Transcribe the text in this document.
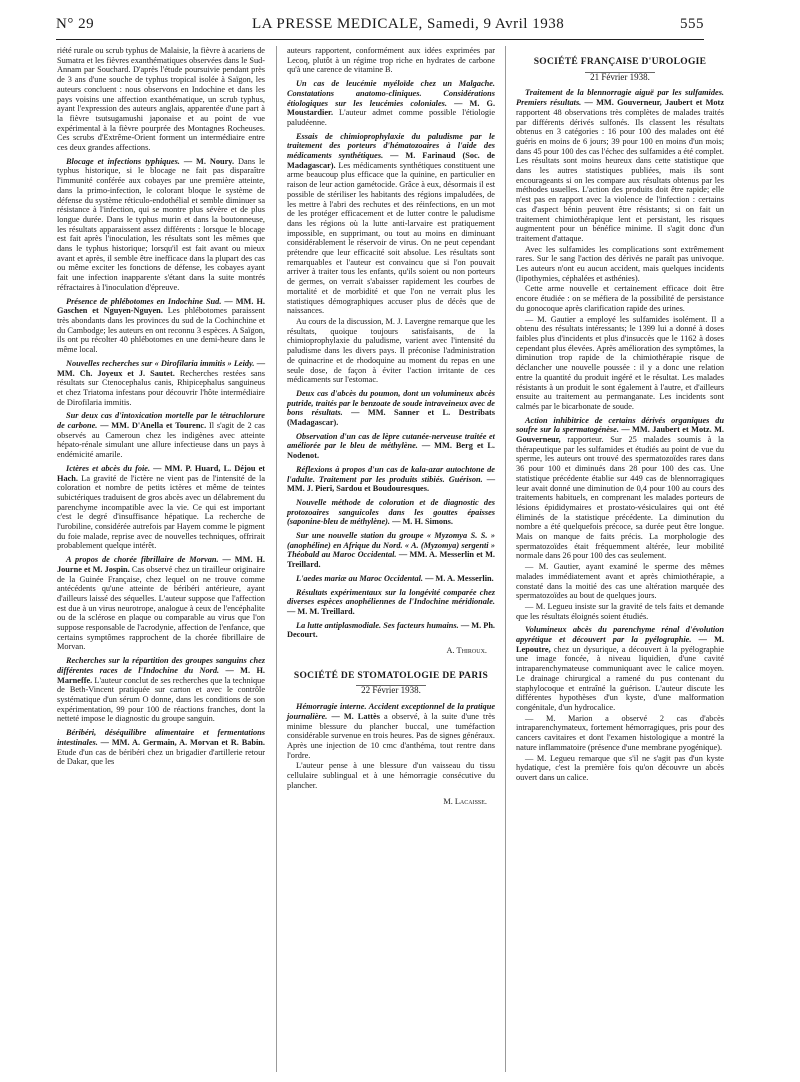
N° 29	LA PRESSE MEDICALE, Samedi, 9 Avril 1938	555

riété rurale ou scrub typhus de Malaisie, la fièvre à acariens de Sumatra et les fièvres exanthématiques observées dans le Sud-Annam par Souchard. D'après l'étude poursuivie pendant près de 3 ans d'une souche de typhus tropical isolée à Saïgon, les auteurs concluent : nous observons en Indochine et dans les pays voisins une affection exanthématique, un scrub typhus, ayant l'expression des auteurs anglais, apparentée d'une part à la fièvre tsutsugamushi japonaise et au point de vue expérimental à la fièvre pourprée des Montagnes Rocheuses. Ces scrubs d'Extrême-Orient forment un intermédiaire entre ces deux grandes affections.

Blocage et infections typhiques. — M. Noury. Dans le typhus historique, si le blocage ne fait pas disparaître l'immunité conférée aux cobayes par une première atteinte, dans la primo-infection, le colorant bloque le système de défense du système réticulo-endothélial et semble diminuer sa résistance à l'infection, qui se montre plus sévère et de plus longue durée. Dans le typhus murin et dans la boutonneuse, les résultats apparaissent assez différents : lorsque le blocage est fait après l'inoculation, les résultats sont les mêmes que dans le typhus historique; lorsqu'il est fait avant ou mieux avant et après, il semble être inefficace dans la plupart des cas ou même exciter les fonctions de défense, les cobayes ayant fait une infection inapparente s'étant dans la suite montrés réfractaires à l'inoculation d'épreuve.

Présence de phlébotomes en Indochine Sud. — MM. H. Gaschen et Nguyen-Nguyen. Les phlébotomes paraissent très abondants dans les provinces du sud de la Cochinchine et du Cambodge; les auteurs en ont reconnu 3 espèces. A Saïgon, ils ont pu récolter 40 phlébotomes en une demi-heure dans le même local.

Nouvelles recherches sur « Dirofilaria immitis » Leidy. — MM. Ch. Joyeux et J. Sautet. Recherches restées sans résultats sur Ctenocephalus canis, Rhipicephalus sanguineus et chez Triatoma infestans pour découvrir l'hôte intermédiaire de Dirofilaria immitis.

Sur deux cas d'intoxication mortelle par le tétrachlorure de carbone. — MM. D'Anella et Tourenc. Il s'agit de 2 cas observés au Cameroun chez les indigènes avec atteinte hépato-rénale simulant une allure infectieuse dans un pays à endémicité amarile.

Ictères et abcès du foie. — MM. P. Huard, L. Déjou et Hach. La gravité de l'ictère ne vient pas de l'intensité de la coloration et nombre de petits ictères et même de teintes subictériques traduisent de gros abcès avec un délabrement du parenchyme incompatible avec la vie. Ce qui est important c'est le degré d'insuffisance hépatique. La recherche de l'urobiline, considérée autrefois par Hayem comme le pigment du foie malade, reprise avec de nouvelles techniques, offrirait probablement quelque intérêt.

A propos de chorée fibrillaire de Morvan. — MM. H. Journe et M. Jospin. Cas observé chez un tirailleur originaire de la Guinée Française, chez lequel on ne trouve comme antécédents qu'une atteinte de béribéri antérieure, ayant d'ailleurs laissé des séquelles. L'auteur suppose que l'affection est due à un virus neurotrope, analogue à ceux de l'encéphalite ou de la sclérose en plaque ou comparable au virus que l'on suppose responsable de l'acrodynie, affection de l'enfance, que certains symptômes rapprochent de la chorée fibrillaire de Morvan.

Recherches sur la répartition des groupes sanguins chez différentes races de l'Indochine du Nord. — M. H. Marneffe. L'auteur conclut de ses recherches que la technique de Beth-Vincent pratiquée sur carton et avec le contrôle systématique d'un sérum O donne, dans les conditions de son expérimentation, 99 pour 100 de réactions franches, dont la netteté impose le diagnostic du groupe sanguin.

Béribéri, déséquilibre alimentaire et fermentations intestinales. — MM. A. Germain, A. Morvan et R. Babin. Etude d'un cas de béribéri chez un brigadier d'artillerie retour de Dakar, que les

auteurs rapportent, conformément aux idées exprimées par Lecoq, plutôt à un régime trop riche en hydrates de carbone qu'à une carence de vitamine B.

Un cas de leucémie myéloïde chez un Malgache. Constatations anatomo-cliniques. Considérations étiologiques sur les leucémies coloniales. — M. G. Moustardier. L'auteur admet comme possible l'étiologie paludéenne.

Essais de chimioprophylaxie du paludisme par le traitement des porteurs d'hématozoaires à l'aide des médicaments synthétiques. — M. Farinaud (Soc. de Madagascar). Les médicaments synthétiques constituent une arme beaucoup plus efficace que la quinine, en particulier en raison de leur action gamétocide. Grâce à eux, désormais il est possible de stériliser les habitants des régions impaludées, de les mettre à l'abri des rechutes et des réinfections, en un mot de les protéger efficacement et de lutter contre le paludisme dans les régions où la lutte anti-larvaire est pratiquement impossible, en supprimant, ou tout au moins en diminuant considérablement le réservoir de virus. On ne peut cependant prétendre que leur efficacité soit absolue. Les résultats sont remarquables et l'auteur est convaincu que si l'on pouvait arriver à traiter tous les enfants, qu'ils soient ou non porteurs de germes, on verrait s'abaisser rapidement les courbes de mortalité et de morbidité et que l'on ne verrait plus les statistiques démographiques accuser plus de décès que de naissances.

Au cours de la discussion, M. J. Lavergne remarque que les résultats, quoique toujours satisfaisants, de la chimioprophylaxie du paludisme, varient avec l'intensité du paludisme dans les divers pays. Il préconise l'administration de quinacrine et de rhodoquine au moment du repas en une seule dose, de façon à éviter l'action irritante de ces médicaments sur l'estomac.

Deux cas d'abcès du poumon, dont un volumineux abcès putride, traités par le benzoate de soude intraveineux avec de bons résultats. — MM. Sanner et L. Destribats (Madagascar).

Observation d'un cas de lèpre cutanée-nerveuse traitée et améliorée par le bleu de méthylène. — MM. Berg et L. Nodenot.

Réflexions à propos d'un cas de kala-azar autochtone de l'adulte. Traitement par les produits stibiés. Guérison. — MM. J. Pieri, Sardou et Boudouresques.

Nouvelle méthode de coloration et de diagnostic des protozoaires sanguicoles dans les gouttes épaisses (saponine-bleu de méthylène). — M. H. Simons.

Sur une nouvelle station du groupe « Myzomya S. S. » (anophéline) en Afrique du Nord. « A. (Myzomya) sergenti » Théobald au Maroc Occidental. — MM. A. Messerlin et M. Treillard.

L'aedes mariæ au Maroc Occidental. — M. A. Messerlin.

Résultats expérimentaux sur la longévité comparée chez diverses espèces anophéliennes de l'Indochine méridionale. — M. M. Treillard.

La lutte antiplasmodiale. Ses facteurs humains. — M. Ph. Decourt.

A. Thiroux.
SOCIÉTÉ DE STOMATOLOGIE DE PARIS
22 Février 1938.

Hémorragie interne. Accident exceptionnel de la pratique journalière. — M. Lattès a observé, à la suite d'une très minime blessure du plancher buccal, une tuméfaction considérable survenue en trois heures. Pas de signes généraux. Après une injection de 10 cmc d'anthéma, tout rentre dans l'ordre.

L'auteur pense à une blessure d'un vaisseau du tissu cellulaire sublingual et à une hémorragie consécutive du plancher.

M. Lacaisse.
SOCIÉTÉ FRANÇAISE D'UROLOGIE
21 Février 1938.

Traitement de la blennorragie aiguë par les sulfamides. Premiers résultats. — MM. Gouverneur, Jaubert et Motz rapportent 48 observations très complètes de malades traités par différents dérivés sulfonés. Ils classent les résultats obtenus en 3 catégories : 16 pour 100 des malades ont été guéris en moins de 6 jours; 39 pour 100 en moins d'un mois; dans 45 pour 100 des cas l'échec des sulfamides a été complet. Les résultats sont moins heureux dans cette statistique que dans les autres statistiques publiées, mais ils sont encourageants si on les compare aux résultats obtenus par les méthodes usuelles. L'action des produits doit être rapide; elle n'est pas en rapport avec la violence de l'infection : certains cas d'aspect bénin peuvent être résistants; si on fait un traitement chimiothérapique lent et persistant, les risques augmentent pour un bénéfice minime. Il s'agit donc d'un traitement d'attaque.

Avec les sulfamides les complications sont extrêmement rares. Sur le sang l'action des dérivés ne paraît pas univoque. Les auteurs n'ont eu aucun accident, mais quelques incidents (lipothymies, céphalées et asthénies).

Cette arme nouvelle et certainement efficace doit être encore étudiée : on se méfiera de la possibilité de persistance du gonocoque après clarification rapide des urines.

— M. Gautier a employé les sulfamides isolément. Il a obtenu des résultats intéressants; le 1399 lui a donné à doses faibles plus d'incidents et plus d'insuccès que le 1162 à doses cependant plus élevées. Après amélioration des symptômes, la diminution trop rapide de la chimiothérapie risque de déclancher une nouvelle poussée : il y a donc une relation entre la quantité du produit ingéré et le résultat. Les malades résistants à un produit le sont également à l'autre, et d'ailleurs ensuite au traitement au permanganate. Les incidents sont calmés par le bicarbonate de soude.

Action inhibitrice de certains dérivés organiques du soufre sur la spermatogénèse. — MM. Jaubert et Motz. M. Gouverneur, rapporteur. Sur 25 malades soumis à la thérapeutique par les sulfamides et étudiés au point de vue du sperme, les auteurs ont trouvé des spermatozoïdes rares dans 36 pour 100 et diminués dans 28 pour 100 des cas. Une statistique précédente établie sur 449 cas de blennorragiques leur avait donné une diminution de 0,4 pour 100 au cours des traitements habituels, en comprenant les malades porteurs de lésions épididymaires et prostato-vésiculaires qui ont été éliminés de la statistique précédente. La diminution du nombre a été quelquefois précoce, sa durée peut être longue. Mais on manque de faits précis. La morphologie des spermatozoïdes était fréquemment altérée, leur mobilité normale dans 26 pour 100 des cas seulement.

— M. Gautier, ayant examiné le sperme des mêmes malades immédiatement avant et après chimiothérapie, a constaté dans la moitié des cas une altération marquée des spermatozoïdes au bout de quelques jours.

— M. Legueu insiste sur la gravité de tels faits et demande que les résultats éloignés soient étudiés.

Volumineux abcès du parenchyme rénal d'évolution apyrétique et découvert par la pyélographie. — M. Lepoutre, chez un dysurique, a découvert à la pyélographie une image foncée, à niveau liquidien, d'une cavité intraparenchymateuse communiquant avec le calice moyen. Le drainage chirurgical a ramené du pus contenant du staphylocoque et entraîné la guérison. L'auteur discute les différentes hypothèses d'un kyste, d'une malformation congénitale, d'un hydrocalice.

— M. Marion a observé 2 cas d'abcès intraparenchymateux, fortement hémorragiques, pris pour des cancers cavitaires et dont l'examen histologique a montré la nature inflammatoire (présence d'une membrane pyogénique).

— M. Legueu remarque que s'il ne s'agit pas d'un kyste hydatique, c'est la première fois qu'on découvre un abcès ouvert dans un calice.
